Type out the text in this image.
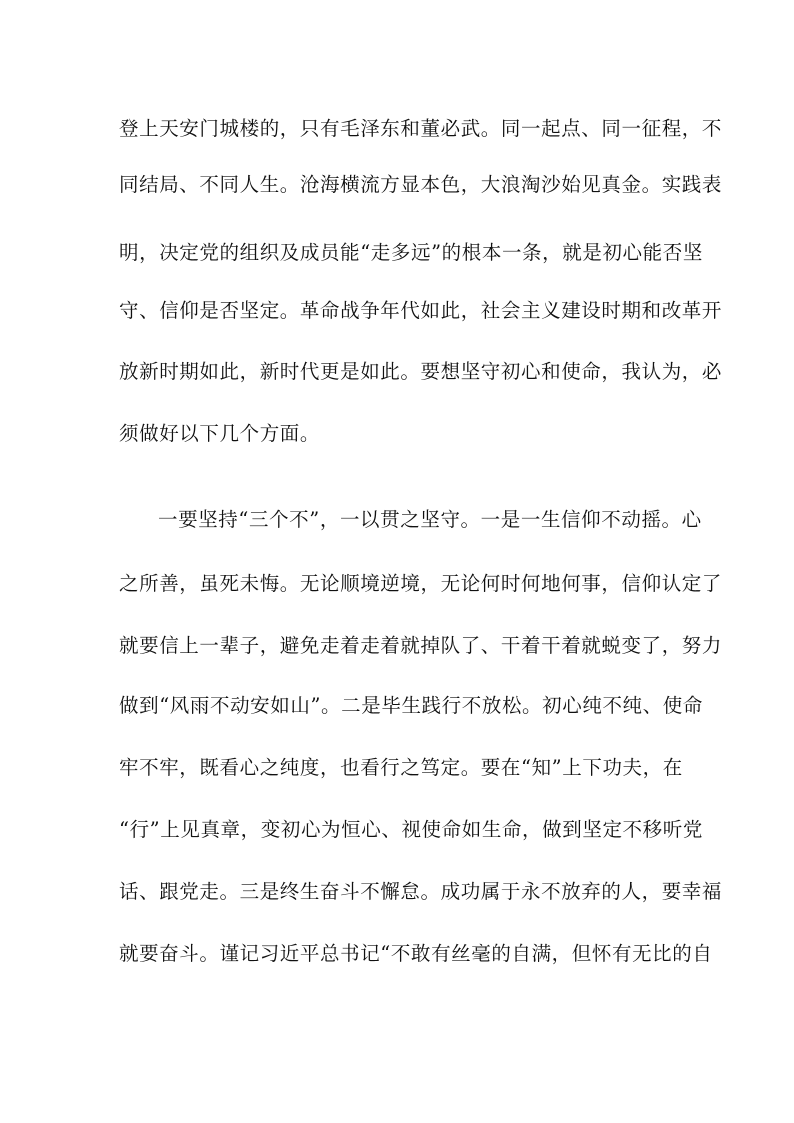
登上天安门城楼的，只有毛泽东和董必武。同一起点、同一征程，不
同结局、不同人生。沧海横流方显本色，大浪淘沙始见真金。实践表
明，决定党的组织及成员能“走多远”的根本一条，就是初心能否坚
守、信仰是否坚定。革命战争年代如此，社会主义建设时期和改革开
放新时期如此，新时代更是如此。要想坚守初心和使命，我认为，必
须做好以下几个方面。
一要坚持“三个不”，一以贯之坚守。一是一生信仰不动摇。心
之所善，虽死未悔。无论顺境逆境，无论何时何地何事，信仰认定了
就要信上一辈子，避免走着走着就掉队了、干着干着就蜕变了，努力
做到“风雨不动安如山”。二是毕生践行不放松。初心纯不纯、使命
牢不牢，既看心之纯度，也看行之笃定。要在“知”上下功夫，在
“行”上见真章，变初心为恒心、视使命如生命，做到坚定不移听党
话、跟党走。三是终生奋斗不懈怠。成功属于永不放弃的人，要幸福
就要奋斗。谨记习近平总书记“不敢有丝毫的自满，但怀有无比的自
